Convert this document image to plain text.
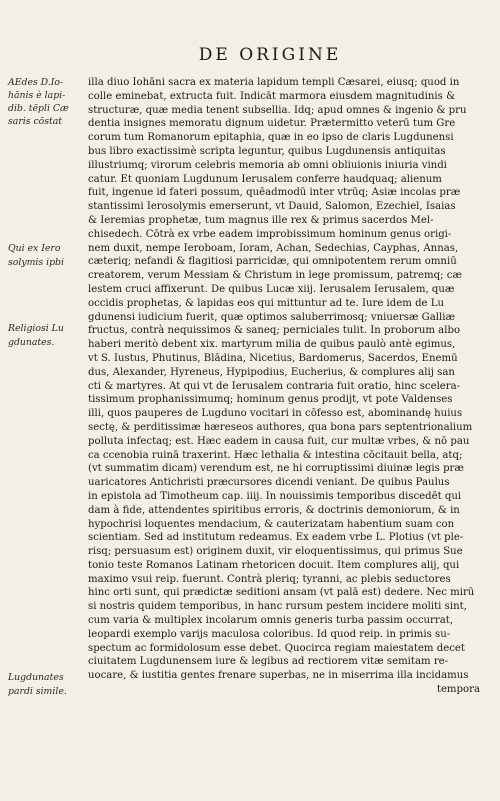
DE ORIGINE
AEdes D.Io-
hānis è lapi-
dib. tēpli Cæ
saris cōstat
Qui ex Iero
solymis ipbi
Religiosi Lu
gdunates.
Lugdunates
pardi simile.
illa diuo Iohāni sacra ex materia lapidum templi Cæsarei, eiusq; quod in
colle eminebat, extructa fuit. Indicāt marmora eiusdem magnitudinis &
structuræ, quæ media tenent subsellia. Idq; apud omnes & ingenio & pru
dentia insignes memoratu dignum uidetur. Prætermitto veterū tum Gre
corum tum Romanorum epitaphia, quæ in eo ipso de claris Lugdunensi
bus libro exactissimè scripta leguntur, quibus Lugdunensis antiquitas
illustriumq; virorum celebris memoria ab omni obliuionis iniuria vindi
catur. Et quoniam Lugdunum Ierusalem conferre haudquaq; alienum
fuit, ingenue id fateri possum, quēadmodū inter vtrūq; Asiæ incolas præ
stantissimi Ierosolymis emerserunt, vt Dauid, Salomon, Ezechiel, Isaias
& Ieremias prophetæ, tum magnus ille rex & primus sacerdos Mel-
chisedech. Cōtrà ex vrbe eadem improbissimum hominum genus origi-
nem duxit, nempe Ieroboam, Ioram, Achan, Sedechias, Cayphas, Annas,
cæteriq; nefandi & flagitiosi parricidæ, qui omnipotentem rerum omniū
creatorem, verum Messiam & Christum in lege promissum, patremq; cæ
lestem cruci affixerunt. De quibus Lucæ xiij. Ierusalem Ierusalem, quæ
occidis prophetas, & lapidas eos qui mittuntur ad te. Iure idem de Lu
gdunensi iudicium fuerit, quæ optimos saluberrimosq; vniuersæ Galliæ
fructus, contrà nequissimos & saneq; perniciales tulit. In proborum albo
haberi meritò debent xix. martyrum milia de quibus paulò antè egimus,
vt S. Iustus, Phutinus, Blādina, Nicetius, Bardomerus, Sacerdos, Enemū
dus, Alexander, Hyreneus, Hypipodius, Eucherius, & complures alij san
cti & martyres. At qui vt de Ierusalem contraria fuit oratio, hinc scelera-
tissimum prophanissimumq; hominum genus prodijt, vt pote Valdenses
illi, quos pauperes de Lugduno vocitari in cōfesso est, abominandę huius
sectę, & perditissimæ hæreseos authores, qua bona pars septentrionalium
polluta infectaq; est. Hæc eadem in causa fuit, cur multæ vrbes, & nō pau
ca ccenobia ruinā traxerint. Hæc lethalia & intestina cōcitauit bella, atq;
(vt summatim dicam) verendum est, ne hi corruptissimi diuinæ legis præ
uaricatores Antichristi præcursores dicendi veniant. De quibus Paulus
in epistola ad Timotheum cap. iiij. In nouissimis temporibus discedēt qui
dam à fide, attendentes spiritibus erroris, & doctrinis demoniorum, & in
hypochrisi loquentes mendacium, & cauterizatam habentium suam con
scientiam. Sed ad institutum redeamus. Ex eadem vrbe L. Plotius (vt ple-
risq; persuasum est) originem duxit, vir eloquentissimus, qui primus Sue
tonio teste Romanos Latinam rhetoricen docuit. Item complures alij, qui
maximo vsui reip. fuerunt. Contrà pleriq; tyranni, ac plebis seductores
hinc orti sunt, qui prædictæ seditioni ansam (vt palā est) dedere. Nec mirū
si nostris quidem temporibus, in hanc rursum pestem incidere moliti sint,
cum varia & multiplex incolarum omnis generis turba passim occurrat,
leopardi exemplo varijs maculosa coloribus. Id quod reip. in primis su-
spectum ac formidolosum esse debet. Quocirca regiam maiestatem decet
ciuitatem Lugdunensem iure & legibus ad rectiorem vitæ semitam re-
uocare, & iustitia gentes frenare superbas, ne in miserrima illa incidamus
tempora
